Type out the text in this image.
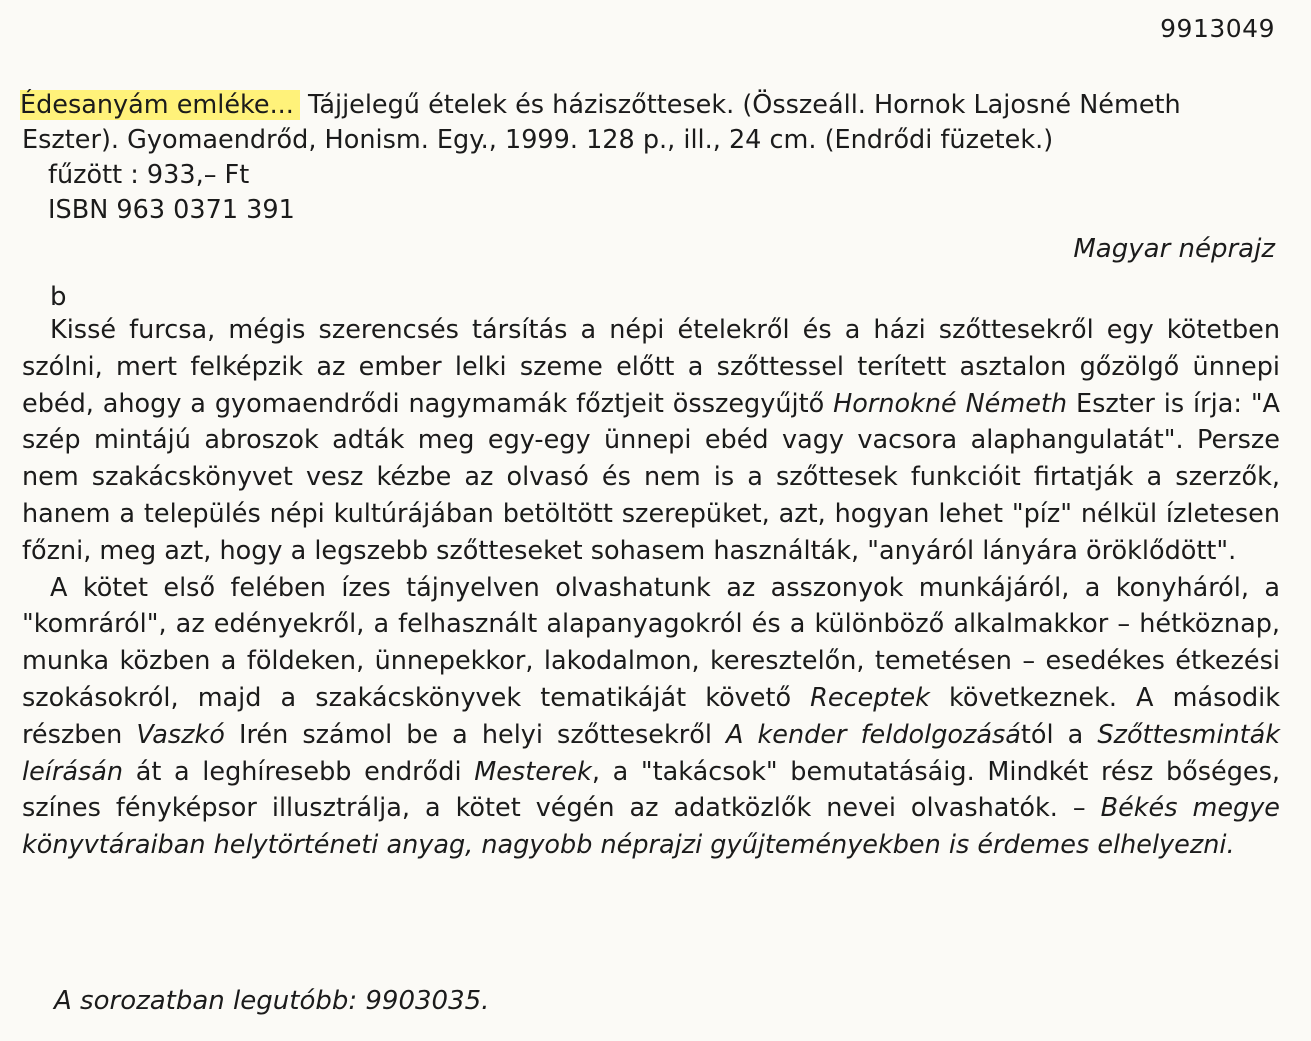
9913049
Édesanyám emléke... Tájjelegű ételek és háziszőttesek. (Összeáll. Hornok Lajosné Németh Eszter). Gyomaendrőd, Honism. Egy., 1999. 128 p., ill., 24 cm. (Endrődi füzetek.)
fűzött : 933,– Ft
ISBN 963 0371 391
Magyar néprajz
b

Kissé furcsa, mégis szerencsés társítás a népi ételekről és a házi szőttesekről egy kötetben szólni, mert felképzik az ember lelki szeme előtt a szőttessel terített asztalon gőzölgő ünnepi ebéd, ahogy a gyomaendrődi nagymamák főztjeit összegyűjtő Hornokné Németh Eszter is írja: "A szép mintájú abroszok adták meg egy-egy ünnepi ebéd vagy vacsora alaphangulatát". Persze nem szakácskönyvet vesz kézbe az olvasó és nem is a szőttesek funkcióit firtatják a szerzők, hanem a település népi kultúrájában betöltött szerepüket, azt, hogyan lehet "píz" nélkül ízletesen főzni, meg azt, hogy a legszebb szőtteseket sohasem használták, "anyáról lányára öröklődött".

A kötet első felében ízes tájnyelven olvashatunk az asszonyok munkájáról, a konyháról, a "komráról", az edényekről, a felhasznált alapanyagokról és a különböző alkalmakkor – hétköznap, munka közben a földeken, ünnepekkor, lakodalmon, keresztelőn, temetésen – esedékes étkezési szokásokról, majd a szakácskönyvek tematikáját követő Receptek következnek. A második részben Vaszkó Irén számol be a helyi szőttesekről A kender feldolgozásától a Szőttesminták leírásán át a leghíresebb endrődi Mesterek, a "takácsok" bemutatásáig. Mindkét rész bőséges, színes fényképsor illusztrálja, a kötet végén az adatközlők nevei olvashatók. – Békés megye könyvtáraiban helytörténeti anyag, nagyobb néprajzi gyűjteményekben is érdemes elhelyezni.

A sorozatban legutóbb: 9903035.
